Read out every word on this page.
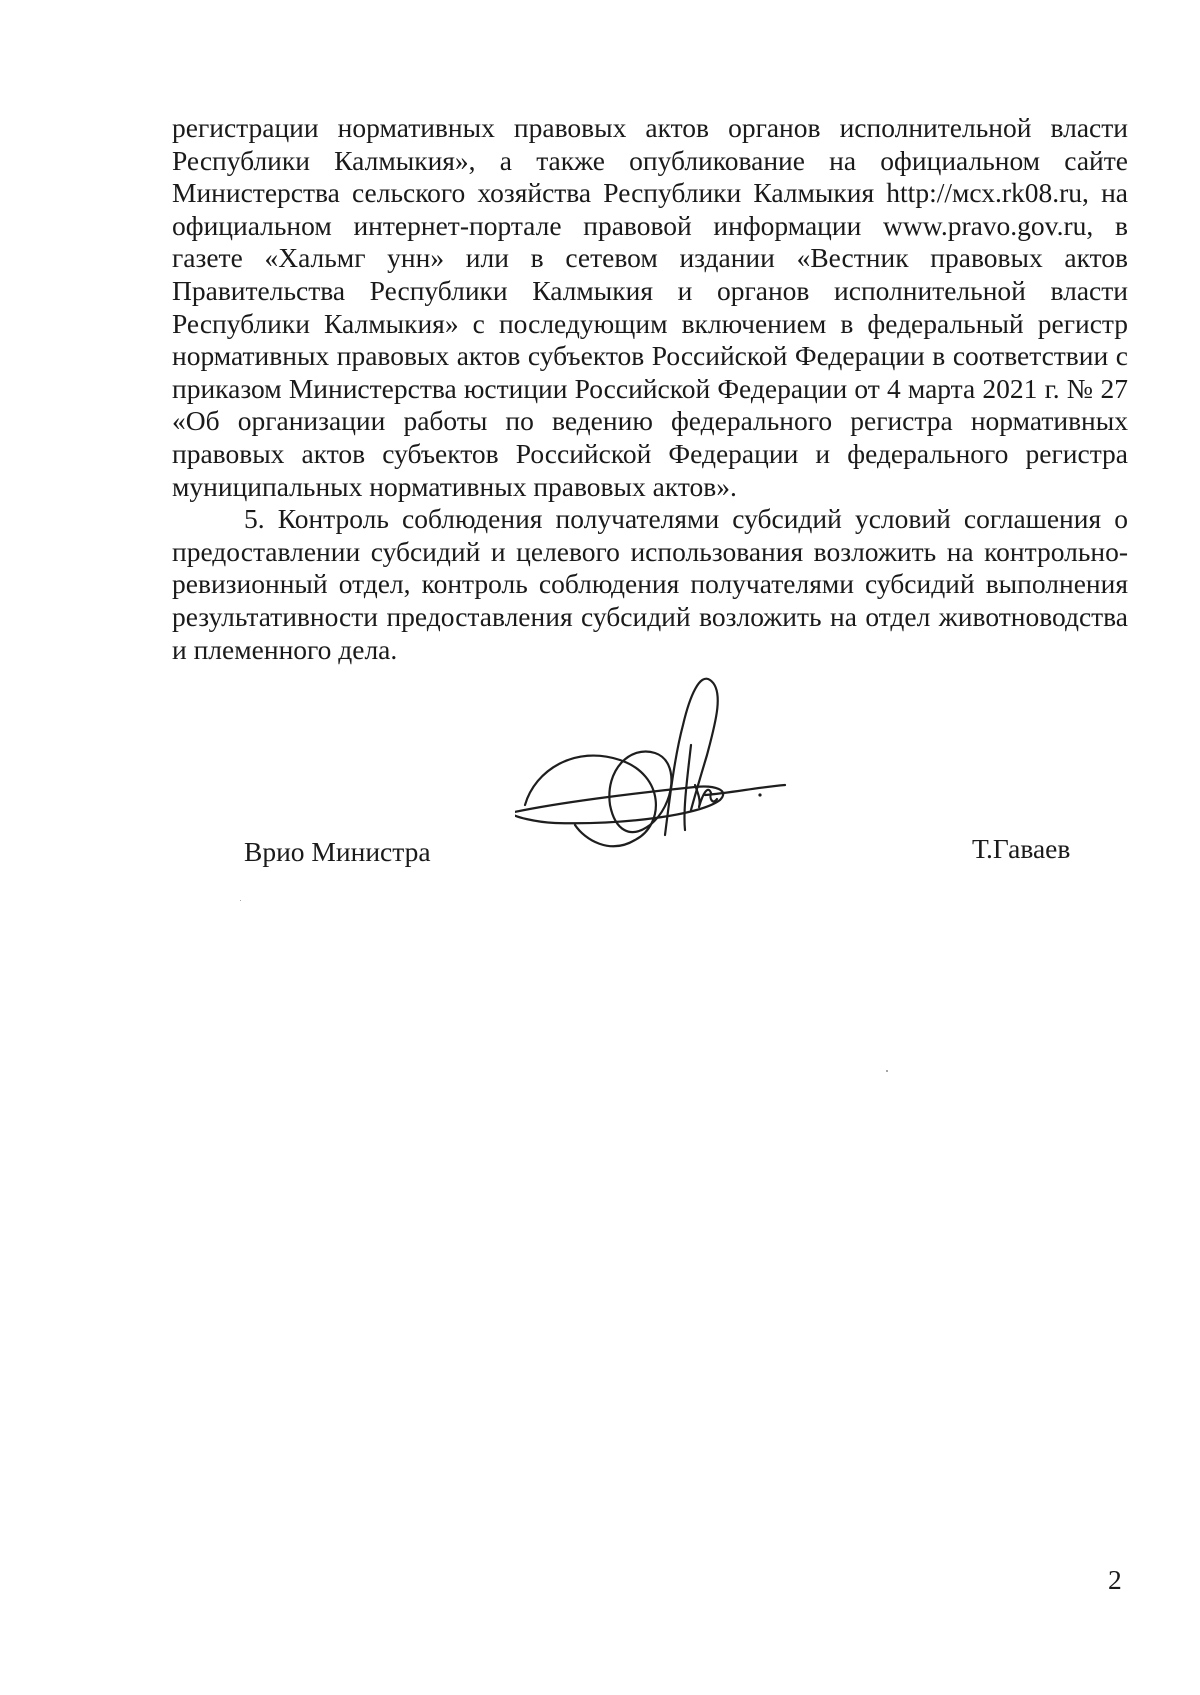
регистрации нормативных правовых актов органов исполнительной власти Республики Калмыкия», а также опубликование на официальном сайте Министерства сельского хозяйства Республики Калмыкия http://мсх.rk08.ru, на официальном интернет-портале правовой информации www.pravo.gov.ru, в газете «Хальмг унн» или в сетевом издании «Вестник правовых актов Правительства Республики Калмыкия и органов исполнительной власти Республики Калмыкия» с последующим включением в федеральный регистр нормативных правовых актов субъектов Российской Федерации в соответствии с приказом Министерства юстиции Российской Федерации от 4 марта 2021 г. № 27 «Об организации работы по ведению федерального регистра нормативных правовых актов субъектов Российской Федерации и федерального регистра муниципальных нормативных правовых актов».

5. Контроль соблюдения получателями субсидий условий соглашения о предоставлении субсидий и целевого использования возложить на контрольно-ревизионный отдел, контроль соблюдения получателями субсидий выполнения результативности предоставления субсидий возложить на отдел животноводства и племенного дела.

Врио Министра	Т.Гаваев
2
